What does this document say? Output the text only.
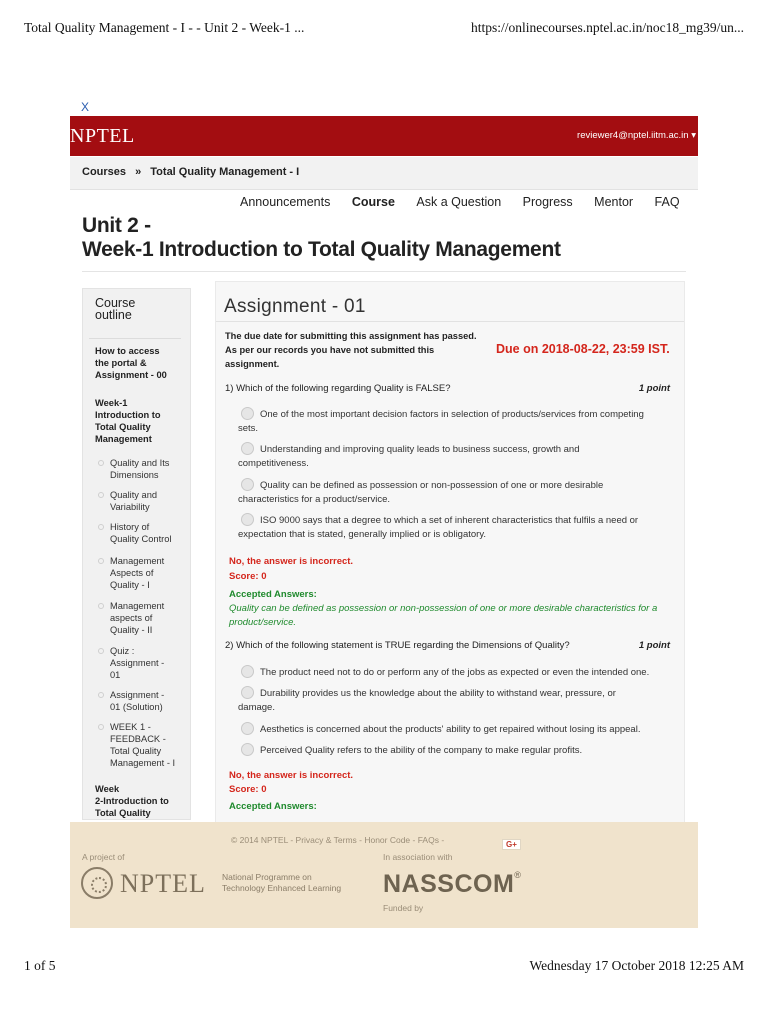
Total Quality Management - I - - Unit 2 - Week-1 ...	https://onlinecourses.nptel.ac.in/noc18_mg39/un...
X
NPTEL	reviewer4@nptel.iitm.ac.in ▾
Courses » Total Quality Management - I
Announcements Course Ask a Question Progress Mentor FAQ
Unit 2 -
Week-1 Introduction to Total Quality Management
Course
outline
How to access
the portal &
Assignment - 00
Week-1
Introduction to
Total Quality
Management
Quality and Its
Dimensions
Quality and
Variability
History of
Quality Control
Management
Aspects of
Quality - I
Management
aspects of
Quality - II
Quiz :
Assignment -
01
Assignment -
01 (Solution)
WEEK 1 -
FEEDBACK -
Total Quality
Management - I
Week
2-Introduction to
Total Quality
Assignment - 01
The due date for submitting this assignment has passed.
As per our records you have not submitted this
assignment.
Due on 2018-08-22, 23:59 IST.
1) Which of the following regarding Quality is FALSE?	1 point
One of the most important decision factors in selection of products/services from competing
sets.
Understanding and improving quality leads to business success, growth and
competitiveness.
Quality can be defined as possession or non-possession of one or more desirable
characteristics for a product/service.
ISO 9000 says that a degree to which a set of inherent characteristics that fulfils a need or
expectation that is stated, generally implied or is obligatory.
No, the answer is incorrect.
Score: 0
Accepted Answers:
Quality can be defined as possession or non-possession of one or more desirable characteristics for a
product/service.
2) Which of the following statement is TRUE regarding the Dimensions of Quality?	1 point
The product need not to do or perform any of the jobs as expected or even the intended one.
Durability provides us the knowledge about the ability to withstand wear, pressure, or
damage.
Aesthetics is concerned about the products' ability to get repaired without losing its appeal.
Perceived Quality refers to the ability of the company to make regular profits.
No, the answer is incorrect.
Score: 0
Accepted Answers:
© 2014 NPTEL - Privacy & Terms - Honor Code - FAQs -	G+
A project of	In association with
NPTEL National Programme on
Technology Enhanced Learning	NASSCOM®
Funded by
1 of 5	Wednesday 17 October 2018 12:25 AM
